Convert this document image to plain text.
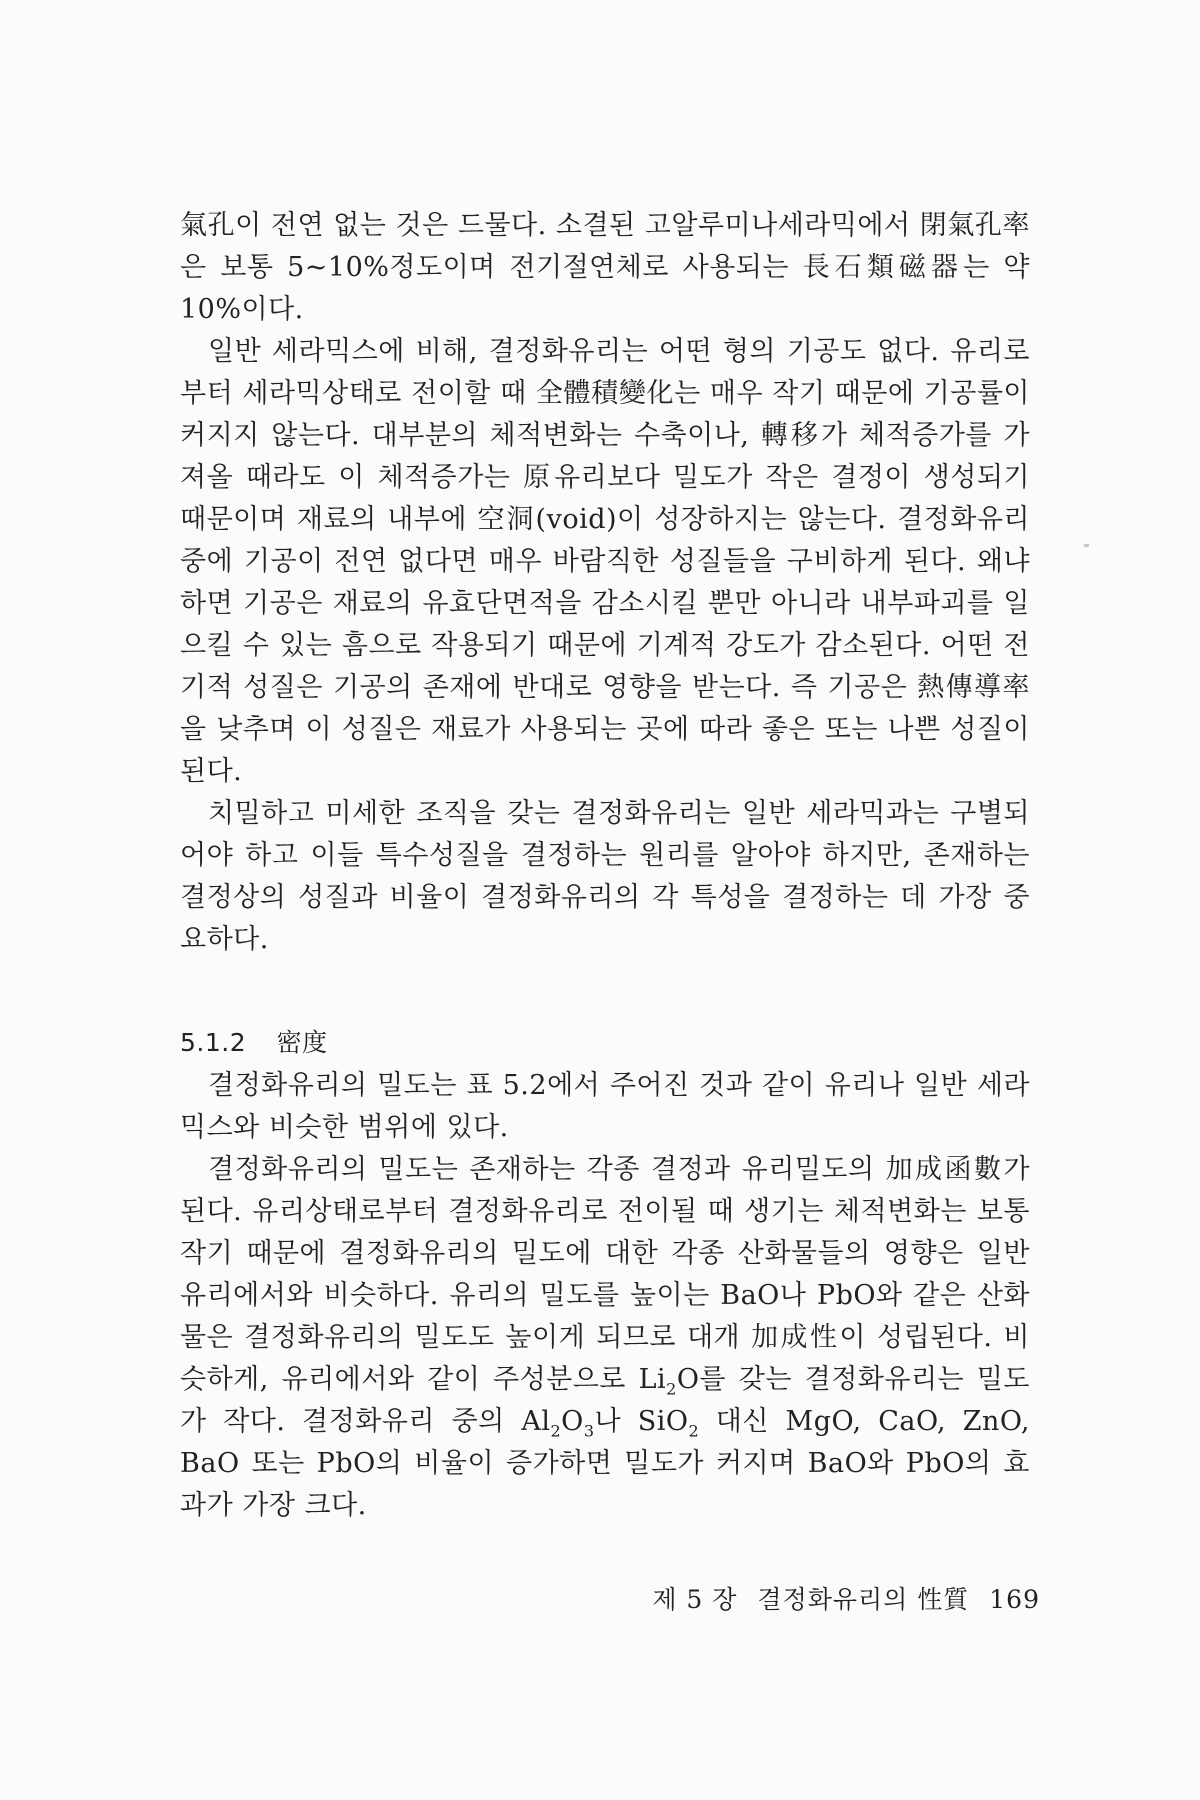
氣孔이 전연 없는 것은 드물다. 소결된 고알루미나세라믹에서 閉氣孔率은 보통 5~10%정도이며 전기절연체로 사용되는 長石類磁器는 약 10%이다.

일반 세라믹스에 비해, 결정화유리는 어떤 형의 기공도 없다. 유리로부터 세라믹상태로 전이할 때 全體積變化는 매우 작기 때문에 기공률이 커지지 않는다. 대부분의 체적변화는 수축이나, 轉移가 체적증가를 가져올 때라도 이 체적증가는 原유리보다 밀도가 작은 결정이 생성되기 때문이며 재료의 내부에 空洞(void)이 성장하지는 않는다. 결정화유리 중에 기공이 전연 없다면 매우 바람직한 성질들을 구비하게 된다. 왜냐하면 기공은 재료의 유효단면적을 감소시킬 뿐만 아니라 내부파괴를 일으킬 수 있는 흠으로 작용되기 때문에 기계적 강도가 감소된다. 어떤 전기적 성질은 기공의 존재에 반대로 영향을 받는다. 즉 기공은 熱傳導率을 낮추며 이 성질은 재료가 사용되는 곳에 따라 좋은 또는 나쁜 성질이 된다.

치밀하고 미세한 조직을 갖는 결정화유리는 일반 세라믹과는 구별되어야 하고 이들 특수성질을 결정하는 원리를 알아야 하지만, 존재하는 결정상의 성질과 비율이 결정화유리의 각 특성을 결정하는 데 가장 중요하다.

5.1.2 密度

결정화유리의 밀도는 표 5.2에서 주어진 것과 같이 유리나 일반 세라믹스와 비슷한 범위에 있다.

결정화유리의 밀도는 존재하는 각종 결정과 유리밀도의 加成函數가 된다. 유리상태로부터 결정화유리로 전이될 때 생기는 체적변화는 보통 작기 때문에 결정화유리의 밀도에 대한 각종 산화물들의 영향은 일반 유리에서와 비슷하다. 유리의 밀도를 높이는 BaO나 PbO와 같은 산화물은 결정화유리의 밀도도 높이게 되므로 대개 加成性이 성립된다. 비슷하게, 유리에서와 같이 주성분으로 $Li_2O$를 갖는 결정화유리는 밀도가 작다. 결정화유리 중의 $Al_2O_3$나 SiO$_2$ 대신 MgO, CaO, ZnO, BaO 또는 PbO의 비율이 증가하면 밀도가 커지며 BaO와 PbO의 효과가 가장 크다.

제 5 장 결정화유리의 性質 169
